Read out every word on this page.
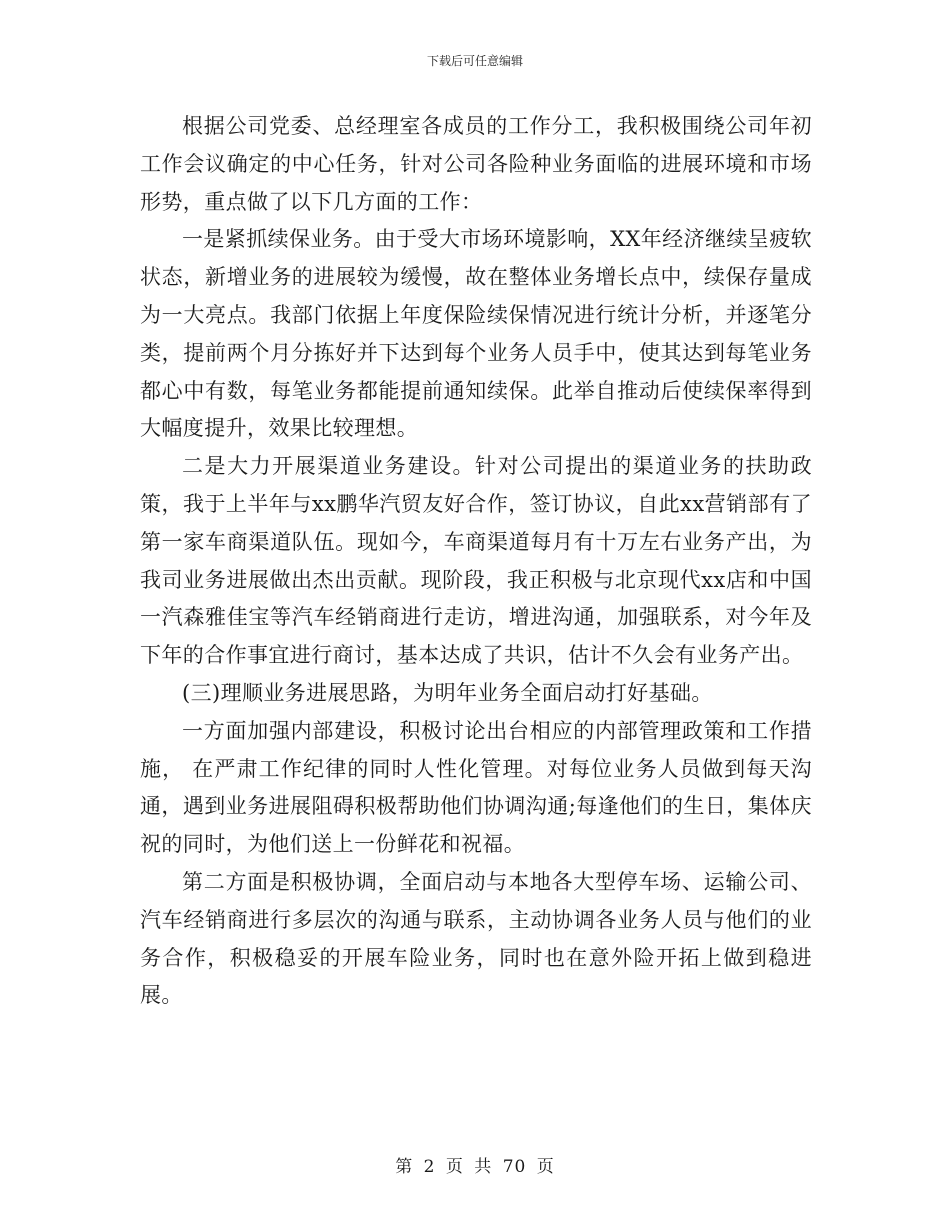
下载后可任意编辑

根据公司党委、总经理室各成员的工作分工，我积极围绕公司年初工作会议确定的中心任务，针对公司各险种业务面临的进展环境和市场形势，重点做了以下几方面的工作：

一是紧抓续保业务。由于受大市场环境影响，XX年经济继续呈疲软状态，新增业务的进展较为缓慢，故在整体业务增长点中，续保存量成为一大亮点。我部门依据上年度保险续保情况进行统计分析，并逐笔分类，提前两个月分拣好并下达到每个业务人员手中，使其达到每笔业务都心中有数，每笔业务都能提前通知续保。此举自推动后使续保率得到大幅度提升，效果比较理想。

二是大力开展渠道业务建设。针对公司提出的渠道业务的扶助政策，我于上半年与xx鹏华汽贸友好合作，签订协议，自此xx营销部有了第一家车商渠道队伍。现如今，车商渠道每月有十万左右业务产出，为我司业务进展做出杰出贡献。现阶段，我正积极与北京现代xx店和中国一汽森雅佳宝等汽车经销商进行走访，增进沟通，加强联系，对今年及下年的合作事宜进行商讨，基本达成了共识，估计不久会有业务产出。

(三)理顺业务进展思路，为明年业务全面启动打好基础。

一方面加强内部建设，积极讨论出台相应的内部管理政策和工作措施， 在严肃工作纪律的同时人性化管理。对每位业务人员做到每天沟通，遇到业务进展阻碍积极帮助他们协调沟通;每逢他们的生日，集体庆祝的同时，为他们送上一份鲜花和祝福。

第二方面是积极协调，全面启动与本地各大型停车场、运输公司、汽车经销商进行多层次的沟通与联系，主动协调各业务人员与他们的业务合作，积极稳妥的开展车险业务，同时也在意外险开拓上做到稳进展。

第 2 页 共 70 页
